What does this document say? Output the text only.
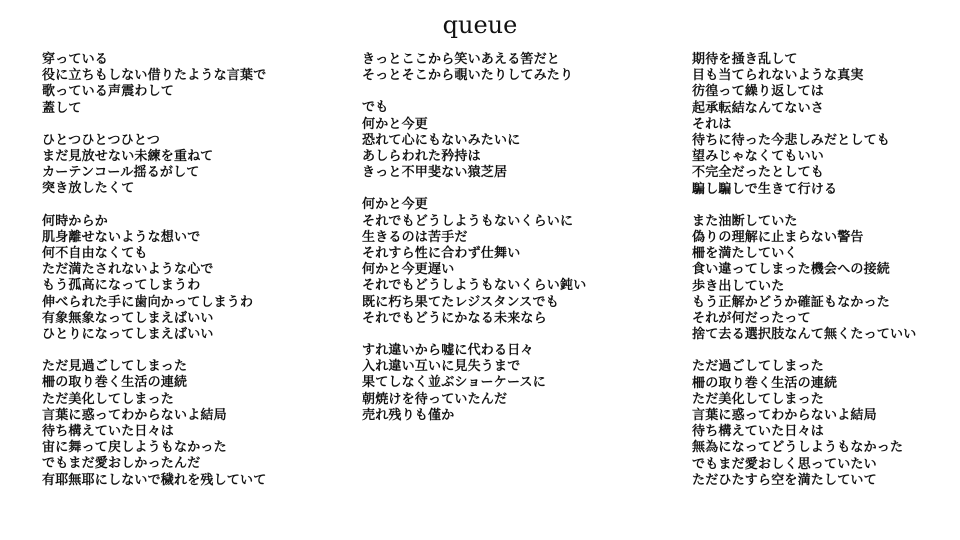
queue
穿っている
役に立ちもしない借りたような言葉で
歌っている声震わして
蓋して
ひとつひとつひとつ
まだ見放せない未練を重ねて
カーテンコール揺るがして
突き放したくて
何時からか
肌身離せないような想いで
何不自由なくても
ただ満たされないような心で
もう孤高になってしまうわ
伸べられた手に歯向かってしまうわ
有象無象なってしまえばいい
ひとりになってしまえばいい
ただ見過ごしてしまった
柵の取り巻く生活の連続
ただ美化してしまった
言葉に惑ってわからないよ結局
待ち構えていた日々は
宙に舞って戻しようもなかった
でもまだ愛おしかったんだ
有耶無耶にしないで穢れを残していて
きっとここから笑いあえる筈だと
そっとそこから覗いたりしてみたり
でも
何かと今更
恐れて心にもないみたいに
あしらわれた矜持は
きっと不甲斐ない猿芝居
何かと今更
それでもどうしようもないくらいに
生きるのは苦手だ
それすら性に合わず仕舞い
何かと今更遅い
それでもどうしようもないくらい鈍い
既に朽ち果てたレジスタンスでも
それでもどうにかなる未来なら
すれ違いから嘘に代わる日々
入れ違い互いに見失うまで
果てしなく並ぶショーケースに
朝焼けを待っていたんだ
売れ残りも僅か
期待を掻き乱して
目も当てられないような真実
彷徨って繰り返しては
起承転結なんてないさ
それは
待ちに待った今悲しみだとしても
望みじゃなくてもいい
不完全だったとしても
騙し騙しで生きて行ける
また油断していた
偽りの理解に止まらない警告
柵を満たしていく
食い違ってしまった機会への接続
歩き出していた
もう正解かどうか確証もなかった
それが何だったって
捨て去る選択肢なんて無くたっていい
ただ過ごしてしまった
柵の取り巻く生活の連続
ただ美化してしまった
言葉に惑ってわからないよ結局
待ち構えていた日々は
無為になってどうしようもなかった
でもまだ愛おしく思っていたい
ただひたすら空を満たしていて
